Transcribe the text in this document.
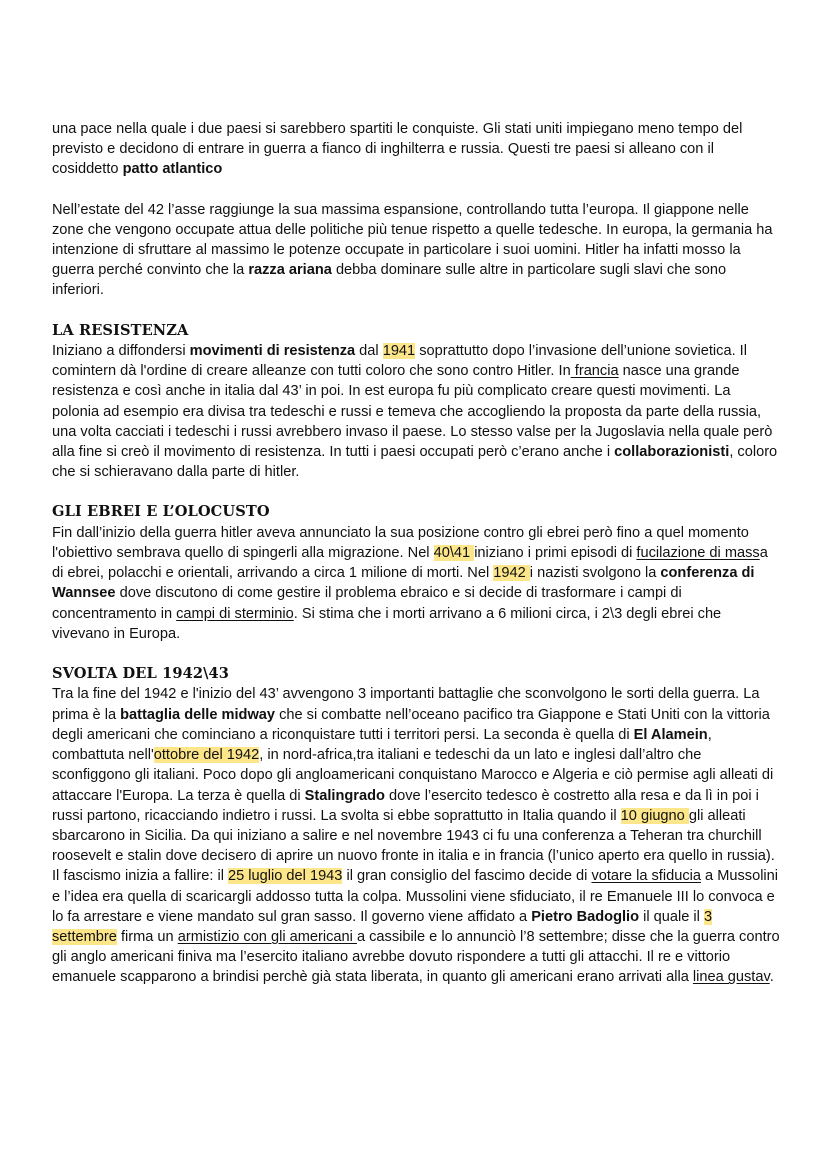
una pace nella quale i due paesi si sarebbero spartiti le conquiste. Gli stati uniti impiegano meno tempo del previsto e decidono di entrare in guerra a fianco di inghilterra e russia. Questi tre paesi si alleano con il cosiddetto patto atlantico

Nell’estate del 42 l’asse raggiunge la sua massima espansione, controllando tutta l’europa. Il giappone nelle zone che vengono occupate attua delle politiche più tenue rispetto a quelle tedesche. In europa, la germania ha intenzione di sfruttare al massimo le potenze occupate in particolare i suoi uomini. Hitler ha infatti mosso la guerra perché convinto che la razza ariana debba dominare sulle altre in particolare sugli slavi che sono inferiori.

LA RESISTENZA

Iniziano a diffondersi movimenti di resistenza dal 1941 soprattutto dopo l’invasione dell’unione sovietica. Il comintern dà l'ordine di creare alleanze con tutti coloro che sono contro Hitler. In francia nasce una grande resistenza e così anche in italia dal 43’ in poi. In est europa fu più complicato creare questi movimenti. La polonia ad esempio era divisa tra tedeschi e russi e temeva che accogliendo la proposta da parte della russia, una volta cacciati i tedeschi i russi avrebbero invaso il paese. Lo stesso valse per la Jugoslavia nella quale però alla fine si creò il movimento di resistenza. In tutti i paesi occupati però c’erano anche i collaborazionisti, coloro che si schieravano dalla parte di hitler.

GLI EBREI E L’OLOCUSTO

Fin dall’inizio della guerra hitler aveva annunciato la sua posizione contro gli ebrei però fino a quel momento l'obiettivo sembrava quello di spingerli alla migrazione. Nel 40\41 iniziano i primi episodi di fucilazione di massa di ebrei, polacchi e orientali, arrivando a circa 1 milione di morti. Nel 1942 i nazisti svolgono la conferenza di Wannsee dove discutono di come gestire il problema ebraico e si decide di trasformare i campi di concentramento in campi di sterminio. Si stima che i morti arrivano a 6 milioni circa, i 2\3 degli ebrei che vivevano in Europa.

SVOLTA DEL 1942\43

Tra la fine del 1942 e l'inizio del 43’ avvengono 3 importanti battaglie che sconvolgono le sorti della guerra. La prima è la battaglia delle midway che si combatte nell’oceano pacifico tra Giappone e Stati Uniti con la vittoria degli americani che cominciano a riconquistare tutti i territori persi. La seconda è quella di El Alamein, combattuta nell'ottobre del 1942, in nord-africa,tra italiani e tedeschi da un lato e inglesi dall’altro che sconfiggono gli italiani. Poco dopo gli angloamericani conquistano Marocco e Algeria e ciò permise agli alleati di attaccare l'Europa. La terza è quella di Stalingrado dove l’esercito tedesco è costretto alla resa e da lì in poi i russi partono, ricacciando indietro i russi. La svolta si ebbe soprattutto in Italia quando il 10 giugno gli alleati sbarcarono in Sicilia. Da qui iniziano a salire e nel novembre 1943 ci fu una conferenza a Teheran tra churchill roosevelt e stalin dove decisero di aprire un nuovo fronte in italia e in francia (l’unico aperto era quello in russia).

Il fascismo inizia a fallire: il 25 luglio del 1943 il gran consiglio del fascimo decide di votare la sfiducia a Mussolini e l’idea era quella di scaricargli addosso tutta la colpa. Mussolini viene sfiduciato, il re Emanuele III lo convoca e lo fa arrestare e viene mandato sul gran sasso. Il governo viene affidato a Pietro Badoglio il quale il 3 settembre firma un armistizio con gli americani a cassibile e lo annunciò l’8 settembre; disse che la guerra contro gli anglo americani finiva ma l’esercito italiano avrebbe dovuto rispondere a tutti gli attacchi. Il re e vittorio emanuele scapparono a brindisi perchè già stata liberata, in quanto gli americani erano arrivati alla linea gustav.
